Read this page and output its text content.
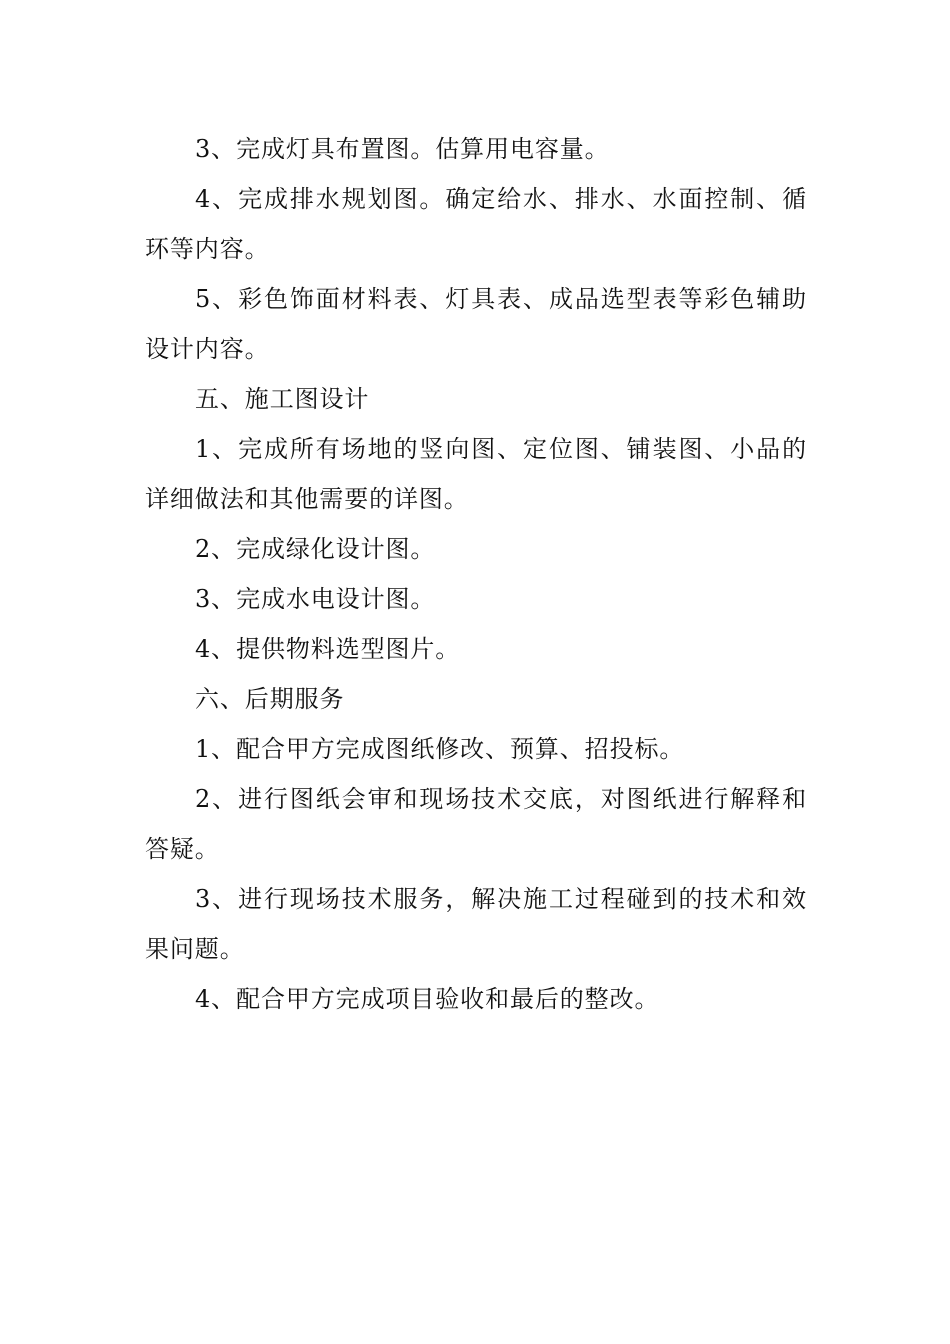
3、完成灯具布置图。估算用电容量。

4、完成排水规划图。确定给水、排水、水面控制、循环等内容。

5、彩色饰面材料表、灯具表、成品选型表等彩色辅助设计内容。

五、施工图设计

1、完成所有场地的竖向图、定位图、铺装图、小品的详细做法和其他需要的详图。

2、完成绿化设计图。

3、完成水电设计图。

4、提供物料选型图片。

六、后期服务

1、配合甲方完成图纸修改、预算、招投标。

2、进行图纸会审和现场技术交底，对图纸进行解释和答疑。

3、进行现场技术服务，解决施工过程碰到的技术和效果问题。

4、配合甲方完成项目验收和最后的整改。
